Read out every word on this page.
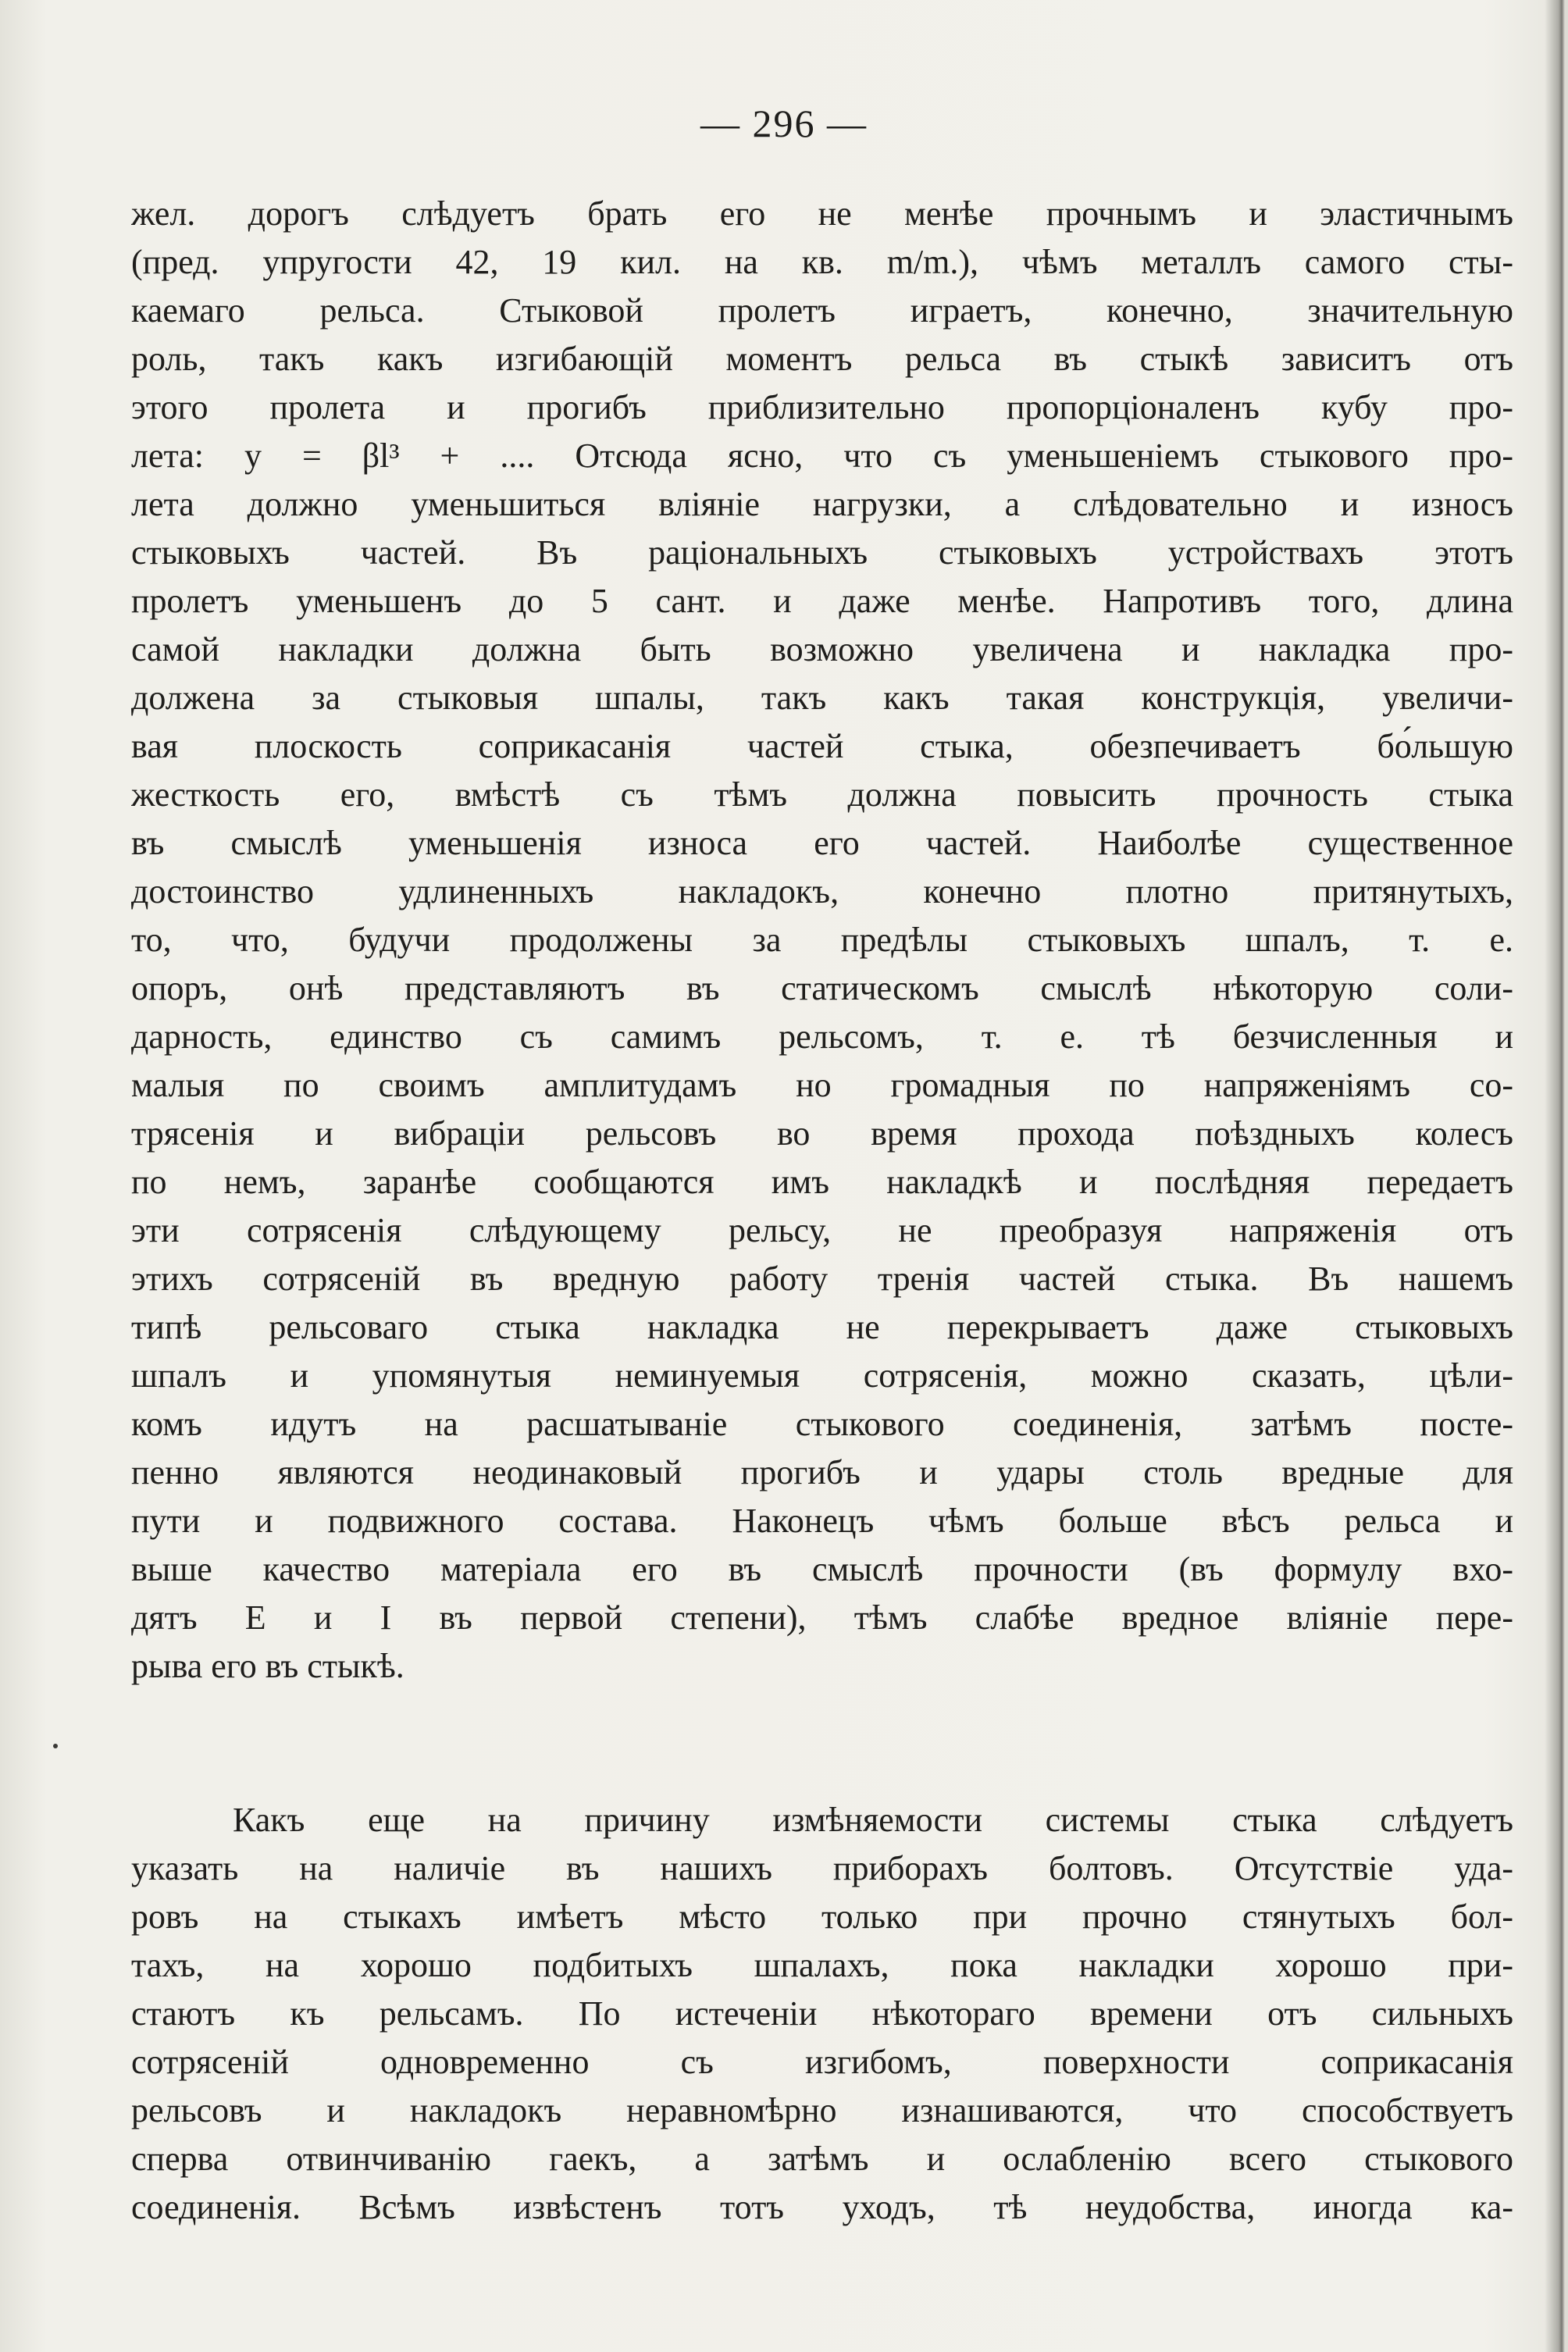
— 296 —
жел. дорогъ слѣдуетъ брать его не менѣе прочнымъ и эластичнымъ
(пред. упругости 42, 19 кил. на кв. m/m.), чѣмъ металлъ самого сты-
каемаго рельса. Стыковой пролетъ играетъ, конечно, значительную
роль, такъ какъ изгибающій моментъ рельса въ стыкѣ зависитъ отъ
этого пролета и прогибъ приблизительно пропорціоналенъ кубу про-
лета: y = βl³ + .... Отсюда ясно, что съ уменьшеніемъ стыкового про-
лета должно уменьшиться вліяніе нагрузки, а слѣдовательно и износъ
стыковыхъ частей. Въ раціональныхъ стыковыхъ устройствахъ этотъ
пролетъ уменьшенъ до 5 сант. и даже менѣе. Напротивъ того, длина
самой накладки должна быть возможно увеличена и накладка про-
должена за стыковыя шпалы, такъ какъ такая конструкція, увеличи-
вая плоскость соприкасанія частей стыка, обезпечиваетъ бо́льшую
жесткость его, вмѣстѣ съ тѣмъ должна повысить прочность стыка
въ смыслѣ уменьшенія износа его частей. Наиболѣе существенное
достоинство удлиненныхъ накладокъ, конечно плотно притянутыхъ,
то, что, будучи продолжены за предѣлы стыковыхъ шпалъ, т. е.
опоръ, онѣ представляютъ въ статическомъ смыслѣ нѣкоторую соли-
дарность, единство съ самимъ рельсомъ, т. е. тѣ безчисленныя и
малыя по своимъ амплитудамъ но громадныя по напряженіямъ со-
трясенія и вибраціи рельсовъ во время прохода поѣздныхъ колесъ
по немъ, заранѣе сообщаются имъ накладкѣ и послѣдняя передаетъ
эти сотрясенія слѣдующему рельсу, не преобразуя напряженія отъ
этихъ сотрясеній въ вредную работу тренія частей стыка. Въ нашемъ
типѣ рельсоваго стыка накладка не перекрываетъ даже стыковыхъ
шпалъ и упомянутыя неминуемыя сотрясенія, можно сказать, цѣли-
комъ идутъ на расшатываніе стыкового соединенія, затѣмъ посте-
пенно являются неодинаковый прогибъ и удары столь вредные для
пути и подвижного состава. Наконецъ чѣмъ больше вѣсъ рельса и
выше качество матеріала его въ смыслѣ прочности (въ формулу вхо-
дятъ E и I въ первой степени), тѣмъ слабѣе вредное вліяніе пере-
рыва его въ стыкѣ.
Какъ еще на причину измѣняемости системы стыка слѣдуетъ
указать на наличіе въ нашихъ приборахъ болтовъ. Отсутствіе уда-
ровъ на стыкахъ имѣетъ мѣсто только при прочно стянутыхъ бол-
тахъ, на хорошо подбитыхъ шпалахъ, пока накладки хорошо при-
стаютъ къ рельсамъ. По истеченіи нѣкотораго времени отъ сильныхъ
сотрясеній одновременно съ изгибомъ, поверхности соприкасанія
рельсовъ и накладокъ неравномѣрно изнашиваются, что способствуетъ
сперва отвинчиванію гаекъ, а затѣмъ и ослабленію всего стыкового
соединенія. Всѣмъ извѣстенъ тотъ уходъ, тѣ неудобства, иногда ка-
